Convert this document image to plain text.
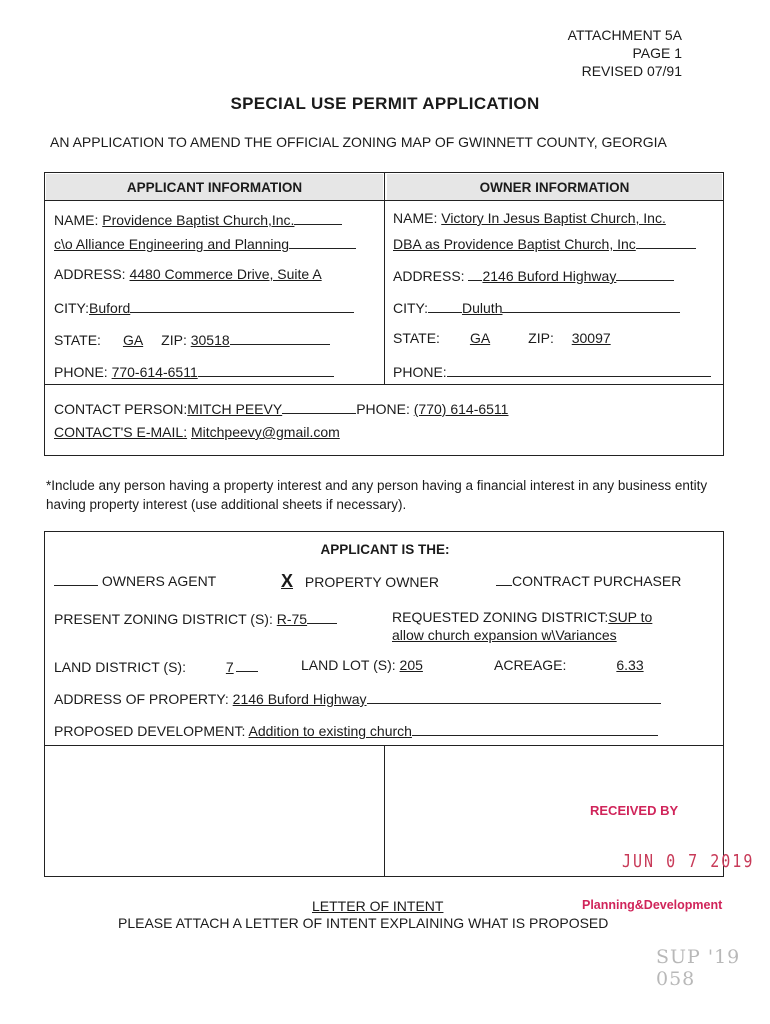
ATTACHMENT 5A
PAGE 1
REVISED 07/91
SPECIAL USE PERMIT APPLICATION
AN APPLICATION TO AMEND THE OFFICIAL ZONING MAP OF GWINNETT COUNTY, GEORGIA
APPLICANT INFORMATION	OWNER INFORMATION
NAME: Providence Baptist Church,Inc.
c\o Alliance Engineering and Planning
ADDRESS: 4480 Commerce Drive, Suite A
CITY:Buford
STATE: GA ZIP: 30518
PHONE: 770-614-6511
NAME: Victory In Jesus Baptist Church, Inc.
DBA as Providence Baptist Church, Inc
ADDRESS: 2146 Buford Highway
CITY: Duluth
STATE: GA	ZIP: 30097
PHONE:
CONTACT PERSON:MITCH PEEVY	PHONE: (770) 614-6511
CONTACT'S E-MAIL: Mitchpeevy@gmail.com
*Include any person having a property interest and any person having a financial interest in any business entity having property interest (use additional sheets if necessary).
APPLICANT IS THE:
OWNERS AGENT	X PROPERTY OWNER	CONTRACT PURCHASER
PRESENT ZONING DISTRICT (S): R-75	REQUESTED ZONING DISTRICT:SUP to
allow church expansion w\Variances
LAND DISTRICT (S):	7	LAND LOT (S): 205	ACREAGE:	6.33
ADDRESS OF PROPERTY: 2146 Buford Highway
PROPOSED DEVELOPMENT: Addition to existing church
RECEIVED BY
JUN 0 7 2019
LETTER OF INTENT	Planning&Development
PLEASE ATTACH A LETTER OF INTENT EXPLAINING WHAT IS PROPOSED
SUP '19 058
